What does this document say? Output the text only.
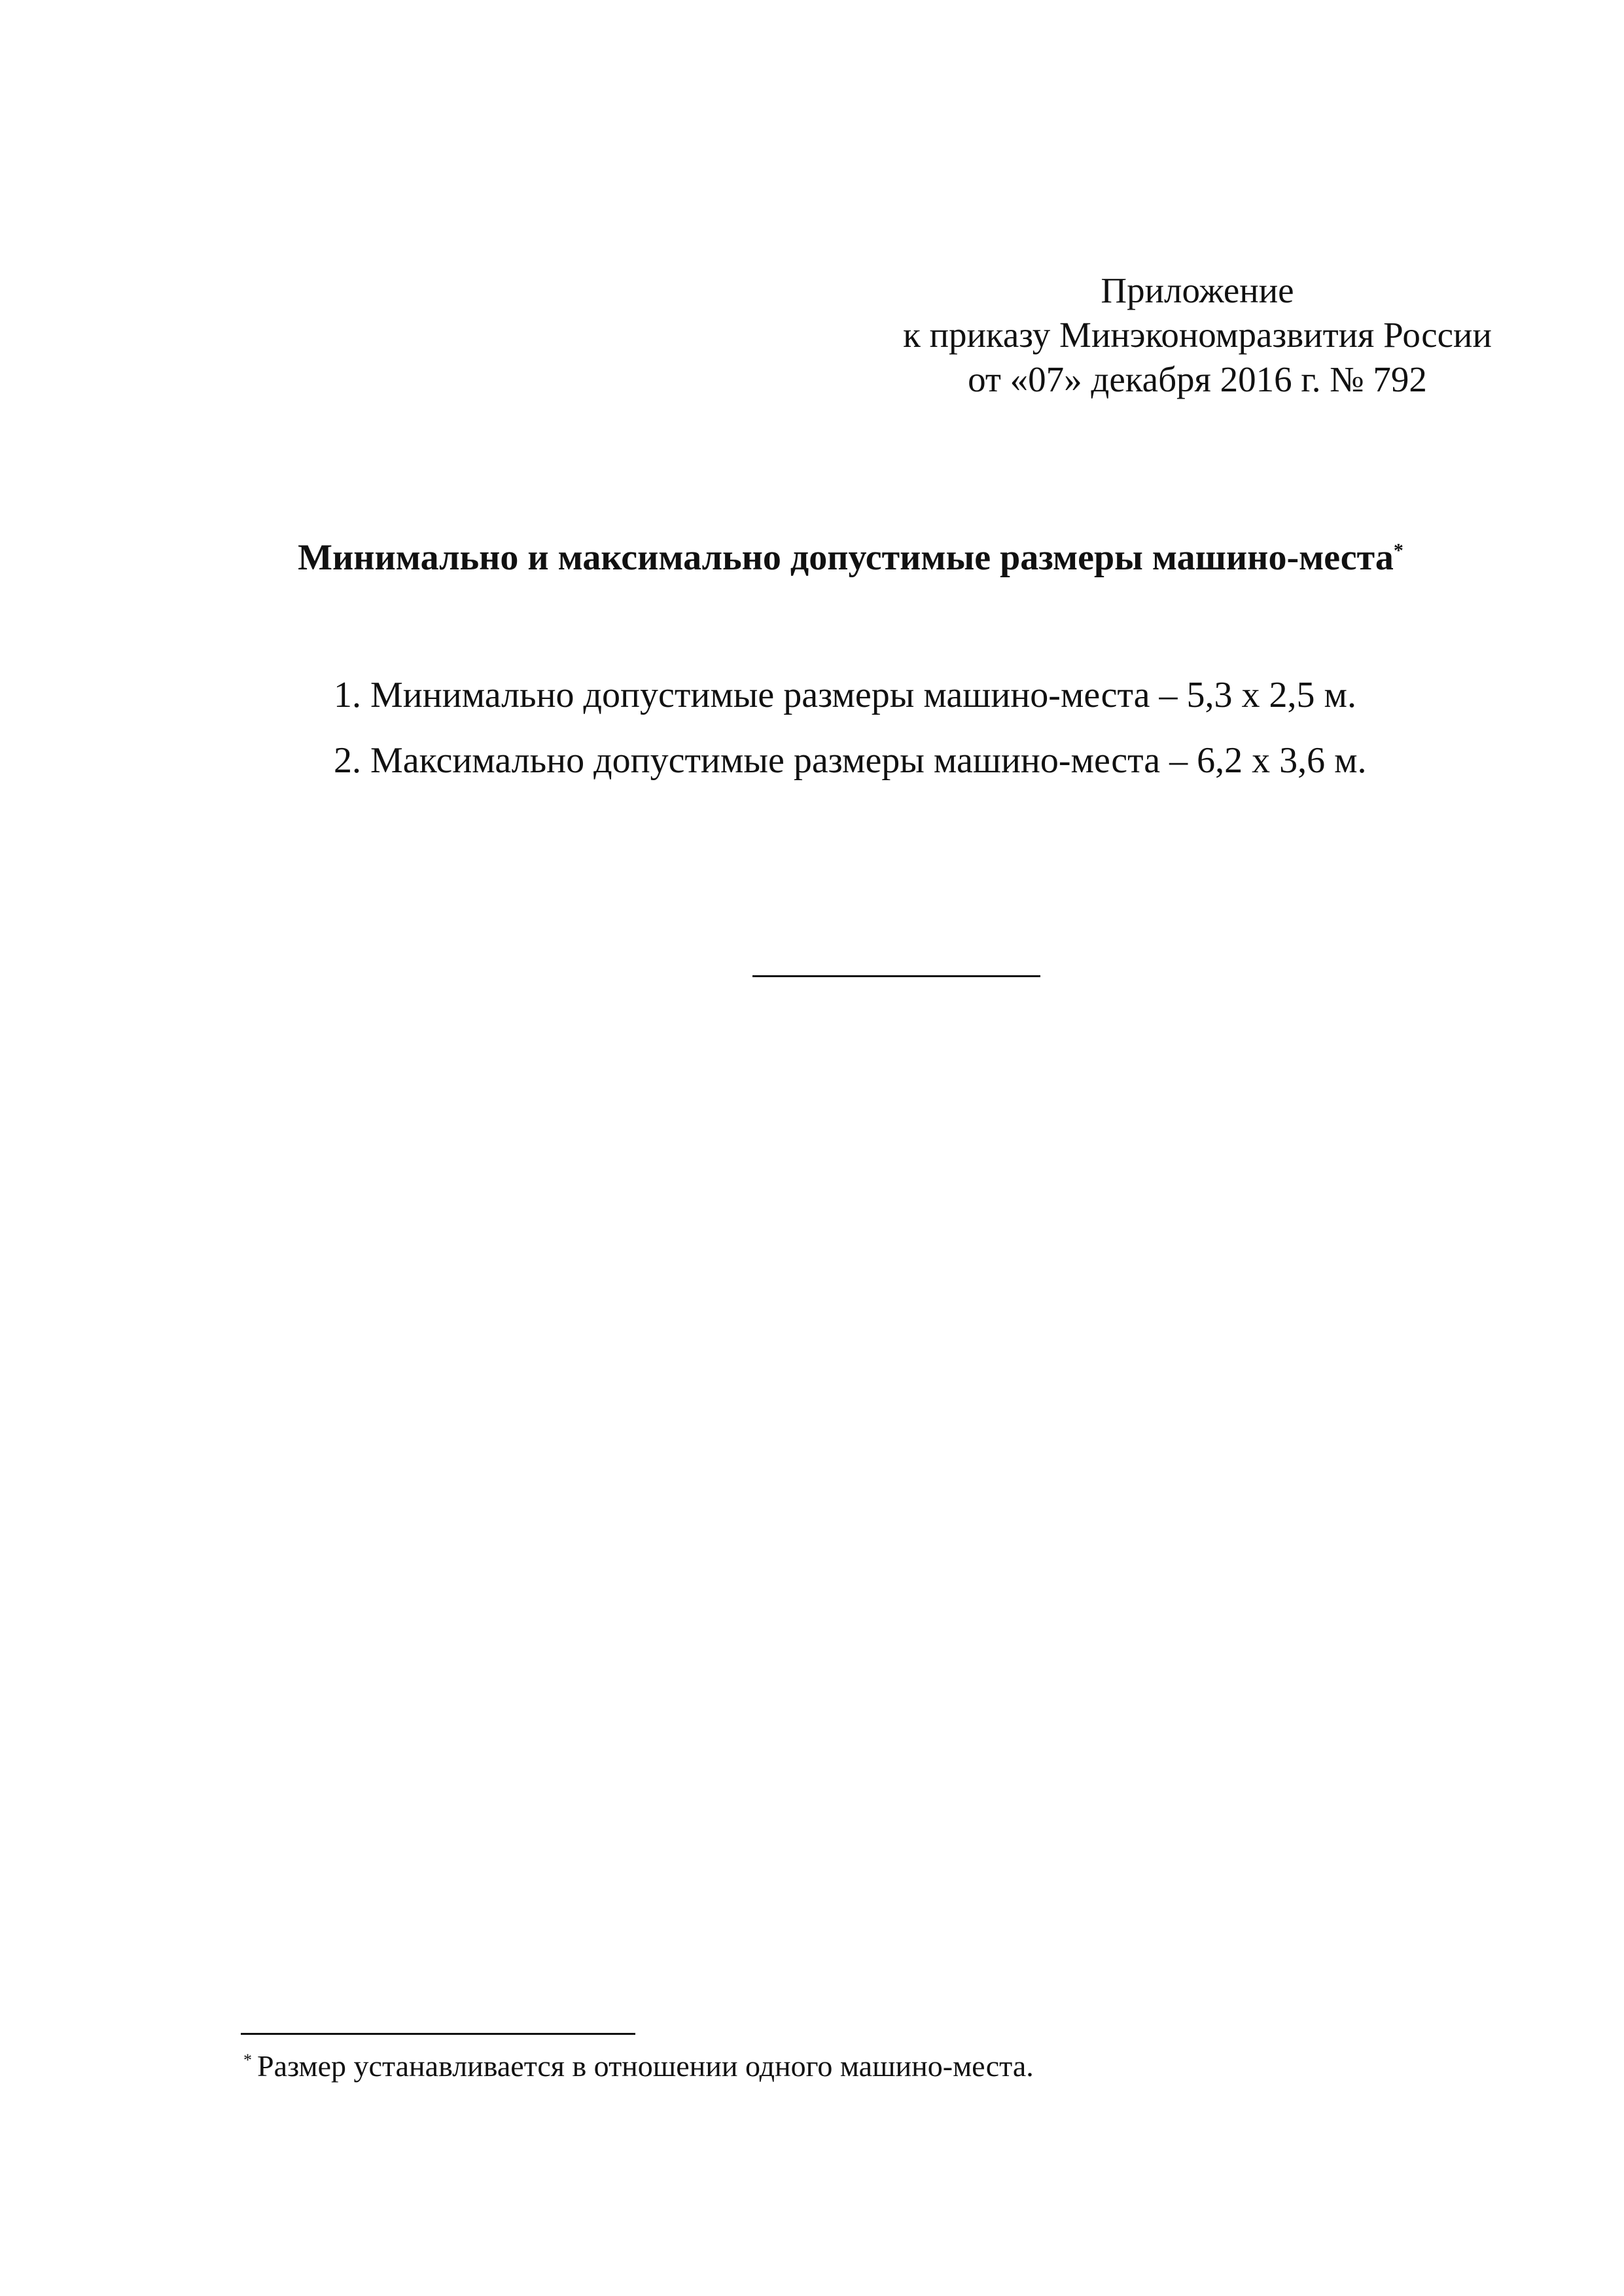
Приложение
к приказу Минэкономразвития России
от «07» декабря 2016 г. № 792
Минимально и максимально допустимые размеры машино-места*
1. Минимально допустимые размеры машино-места – 5,3 х 2,5 м.
2. Максимально допустимые размеры машино-места – 6,2 х 3,6 м.
* Размер устанавливается в отношении одного машино-места.
